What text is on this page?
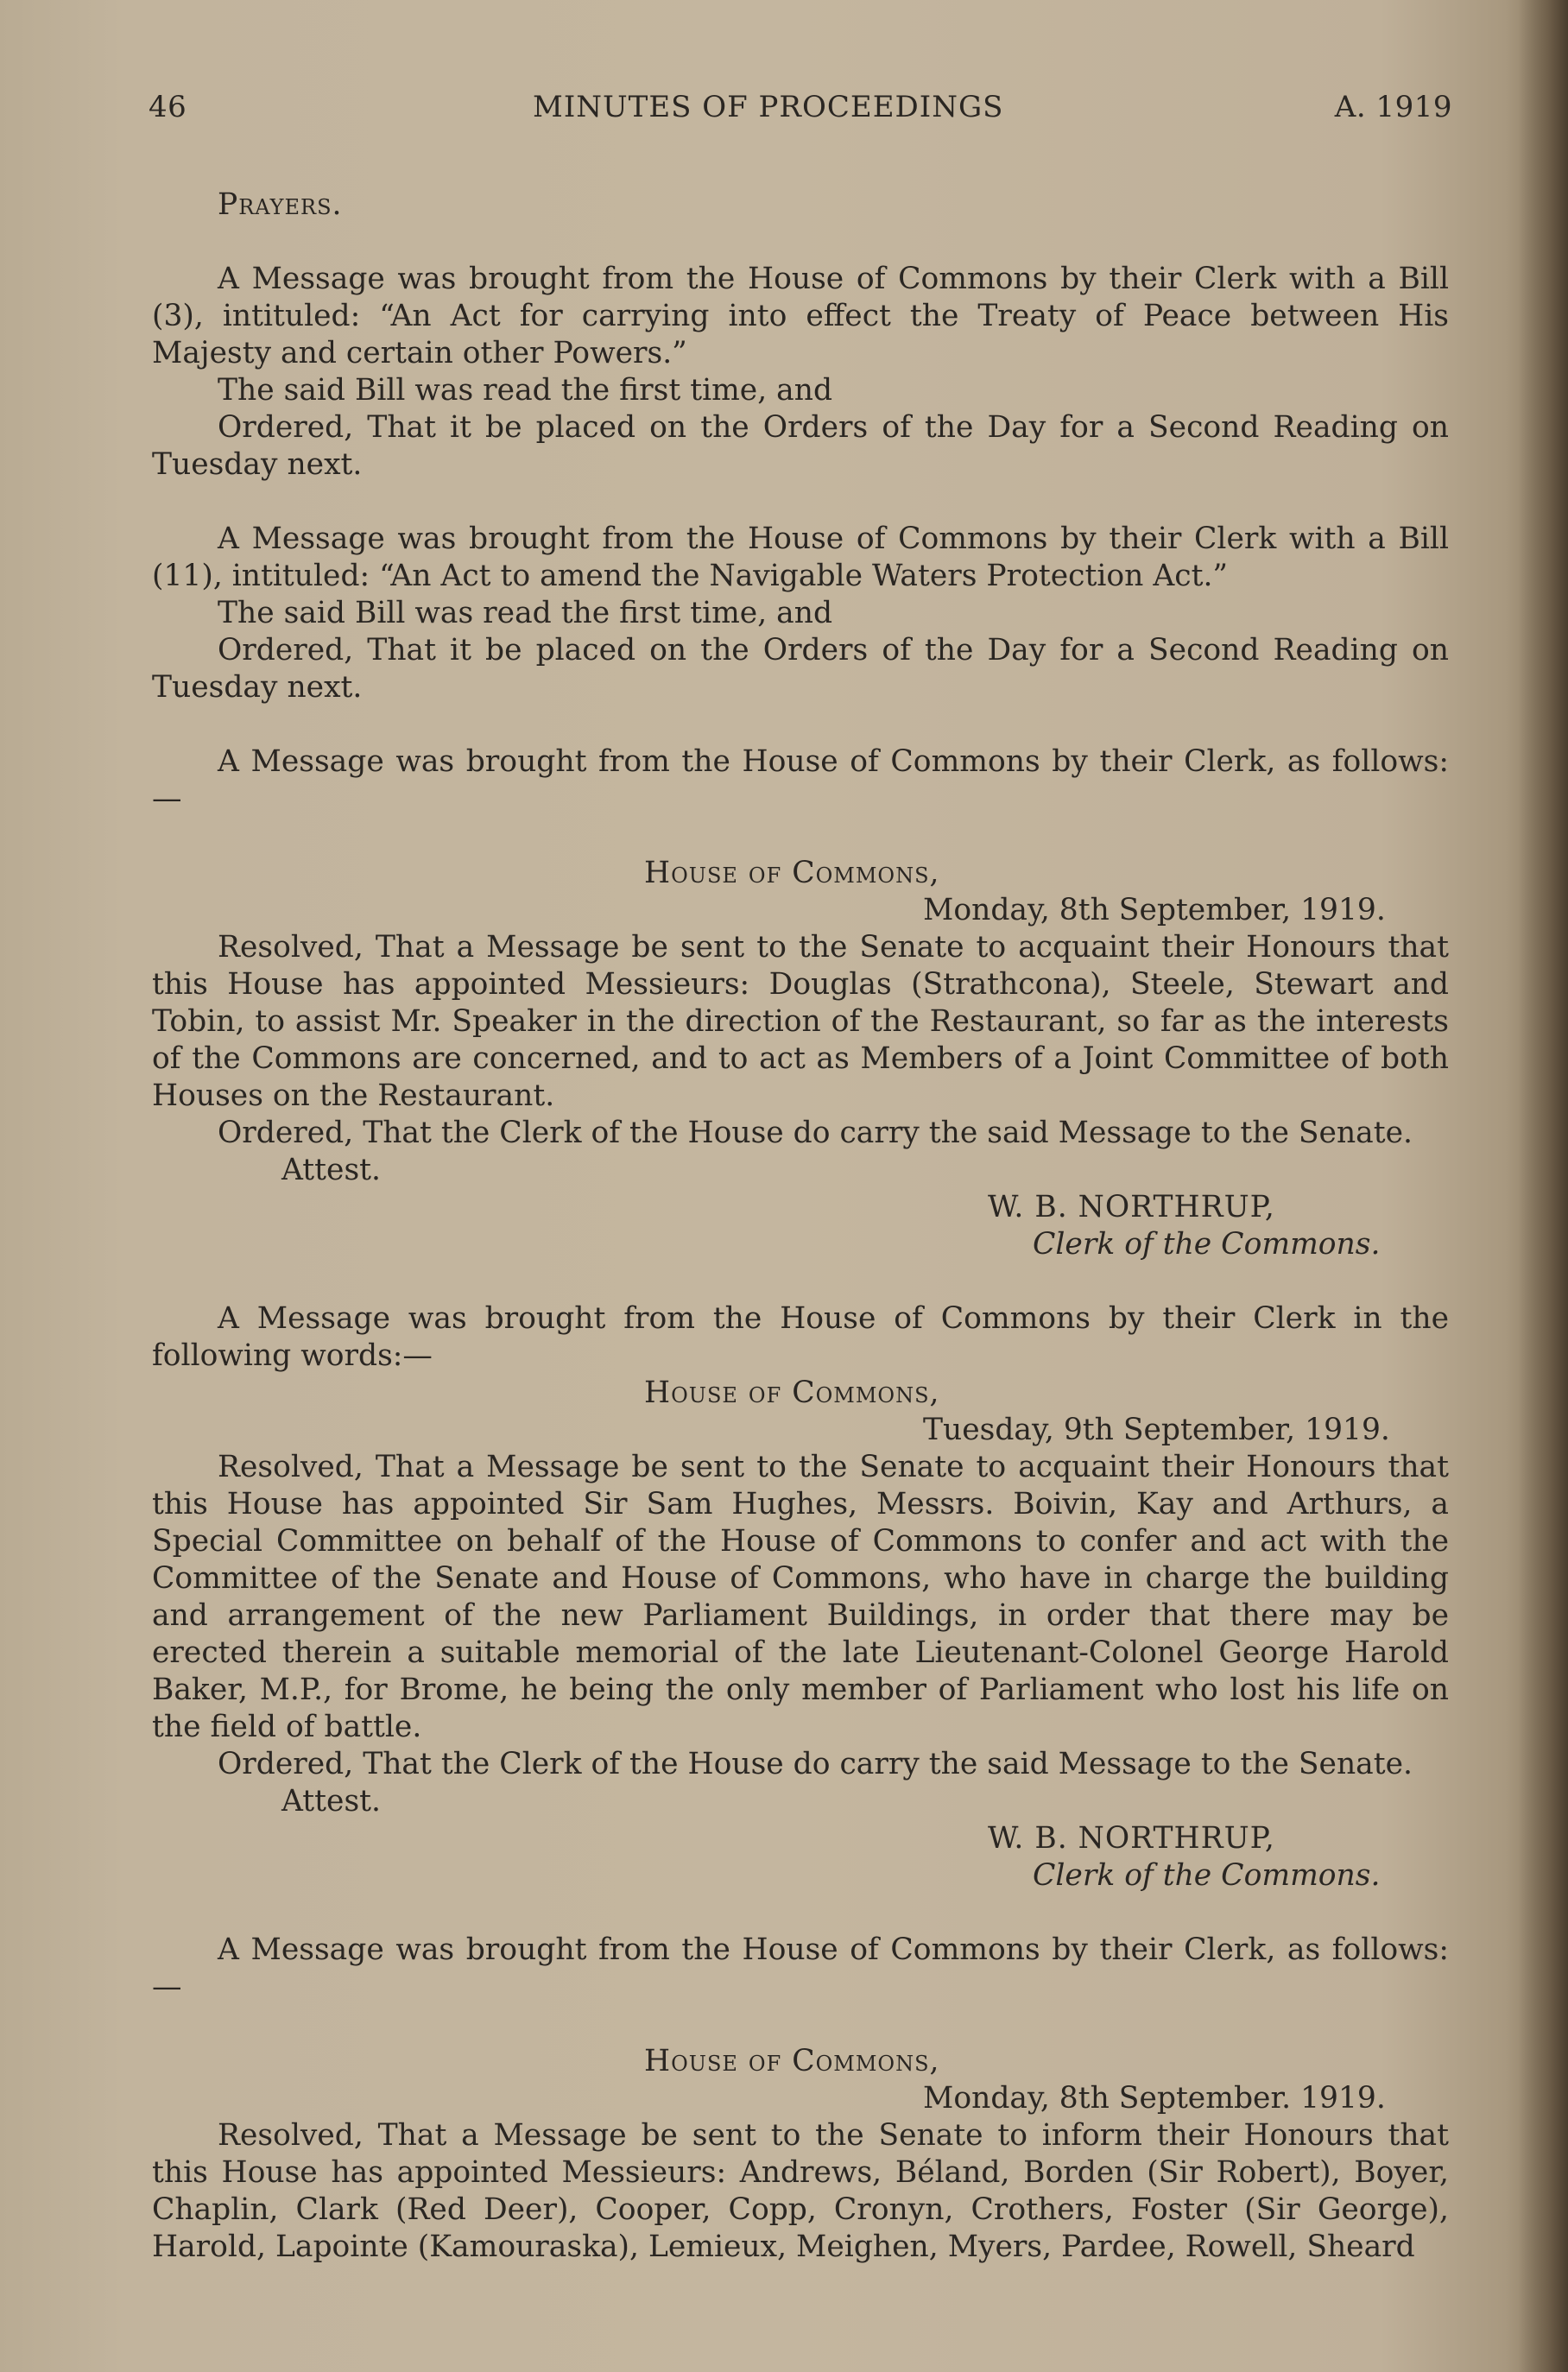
46	MINUTES OF PROCEEDINGS	A. 1919

Prayers.

A Message was brought from the House of Commons by their Clerk with a Bill (3), intituled: “An Act for carrying into effect the Treaty of Peace between His Majesty and certain other Powers.”

The said Bill was read the first time, and

Ordered, That it be placed on the Orders of the Day for a Second Reading on Tuesday next.

A Message was brought from the House of Commons by their Clerk with a Bill (11), intituled: “An Act to amend the Navigable Waters Protection Act.”

The said Bill was read the first time, and

Ordered, That it be placed on the Orders of the Day for a Second Reading on Tuesday next.

A Message was brought from the House of Commons by their Clerk, as follows:—

House of Commons,

Monday, 8th September, 1919.

Resolved, That a Message be sent to the Senate to acquaint their Honours that this House has appointed Messieurs: Douglas (Strathcona), Steele, Stewart and Tobin, to assist Mr. Speaker in the direction of the Restaurant, so far as the interests of the Commons are concerned, and to act as Members of a Joint Committee of both Houses on the Restaurant.

Ordered, That the Clerk of the House do carry the said Message to the Senate.

Attest.

W. B. NORTHRUP,

Clerk of the Commons.

A Message was brought from the House of Commons by their Clerk in the following words:—

House of Commons,

Tuesday, 9th September, 1919.

Resolved, That a Message be sent to the Senate to acquaint their Honours that this House has appointed Sir Sam Hughes, Messrs. Boivin, Kay and Arthurs, a Special Committee on behalf of the House of Commons to confer and act with the Committee of the Senate and House of Commons, who have in charge the building and arrangement of the new Parliament Buildings, in order that there may be erected therein a suitable memorial of the late Lieutenant-Colonel George Harold Baker, M.P., for Brome, he being the only member of Parliament who lost his life on the field of battle.

Ordered, That the Clerk of the House do carry the said Message to the Senate.

Attest.

W. B. NORTHRUP,

Clerk of the Commons.

A Message was brought from the House of Commons by their Clerk, as follows:—

House of Commons,

Monday, 8th September. 1919.

Resolved, That a Message be sent to the Senate to inform their Honours that this House has appointed Messieurs: Andrews, Béland, Borden (Sir Robert), Boyer, Chaplin, Clark (Red Deer), Cooper, Copp, Cronyn, Crothers, Foster (Sir George), Harold, Lapointe (Kamouraska), Lemieux, Meighen, Myers, Pardee, Rowell, Sheard
